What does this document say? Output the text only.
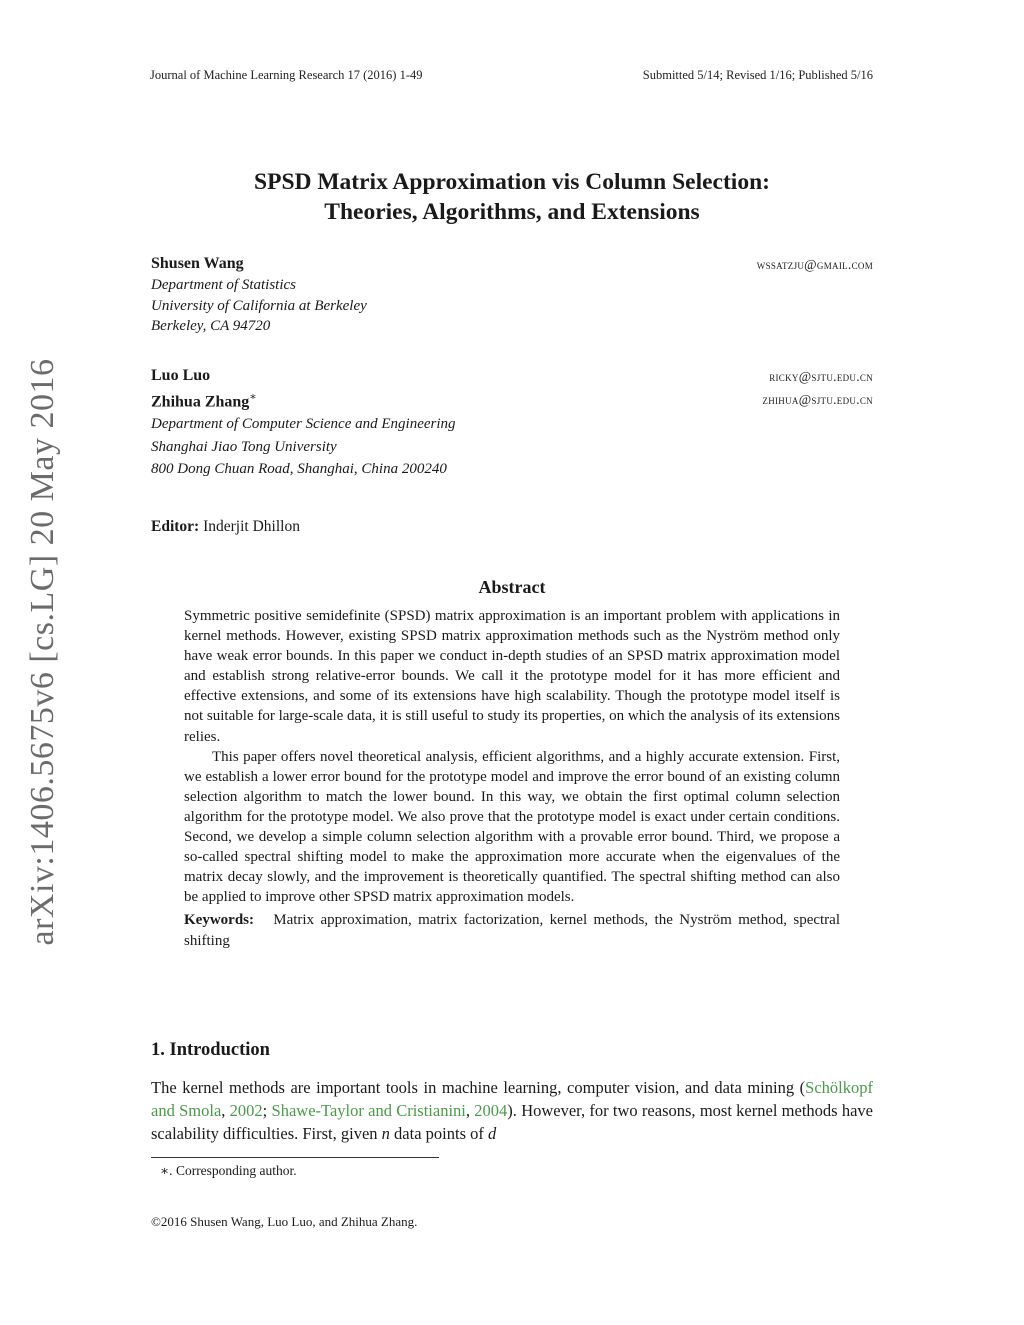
Journal of Machine Learning Research 17 (2016) 1-49	Submitted 5/14; Revised 1/16; Published 5/16
arXiv:1406.5675v6 [cs.LG] 20 May 2016
SPSD Matrix Approximation vis Column Selection:
Theories, Algorithms, and Extensions
Shusen Wang	wssatzju@gmail.com
Department of Statistics
University of California at Berkeley
Berkeley, CA 94720
Luo Luo	ricky@sjtu.edu.cn
Zhihua Zhang∗	zhihua@sjtu.edu.cn
Department of Computer Science and Engineering
Shanghai Jiao Tong University
800 Dong Chuan Road, Shanghai, China 200240
Editor: Inderjit Dhillon
Abstract

Symmetric positive semidefinite (SPSD) matrix approximation is an important problem with applications in kernel methods. However, existing SPSD matrix approximation methods such as the Nyström method only have weak error bounds. In this paper we conduct in-depth studies of an SPSD matrix approximation model and establish strong relative-error bounds. We call it the prototype model for it has more efficient and effective extensions, and some of its extensions have high scalability. Though the prototype model itself is not suitable for large-scale data, it is still useful to study its properties, on which the analysis of its extensions relies.

This paper offers novel theoretical analysis, efficient algorithms, and a highly accurate extension. First, we establish a lower error bound for the prototype model and improve the error bound of an existing column selection algorithm to match the lower bound. In this way, we obtain the first optimal column selection algorithm for the prototype model. We also prove that the prototype model is exact under certain conditions. Second, we develop a simple column selection algorithm with a provable error bound. Third, we propose a so-called spectral shifting model to make the approximation more accurate when the eigenvalues of the matrix decay slowly, and the improvement is theoretically quantified. The spectral shifting method can also be applied to improve other SPSD matrix approximation models.

Keywords: Matrix approximation, matrix factorization, kernel methods, the Nyström method, spectral shifting

1. Introduction
The kernel methods are important tools in machine learning, computer vision, and data mining (Schölkopf and Smola, 2002; Shawe-Taylor and Cristianini, 2004). However, for two reasons, most kernel methods have scalability difficulties. First, given n data points of d
∗. Corresponding author.
©2016 Shusen Wang, Luo Luo, and Zhihua Zhang.
